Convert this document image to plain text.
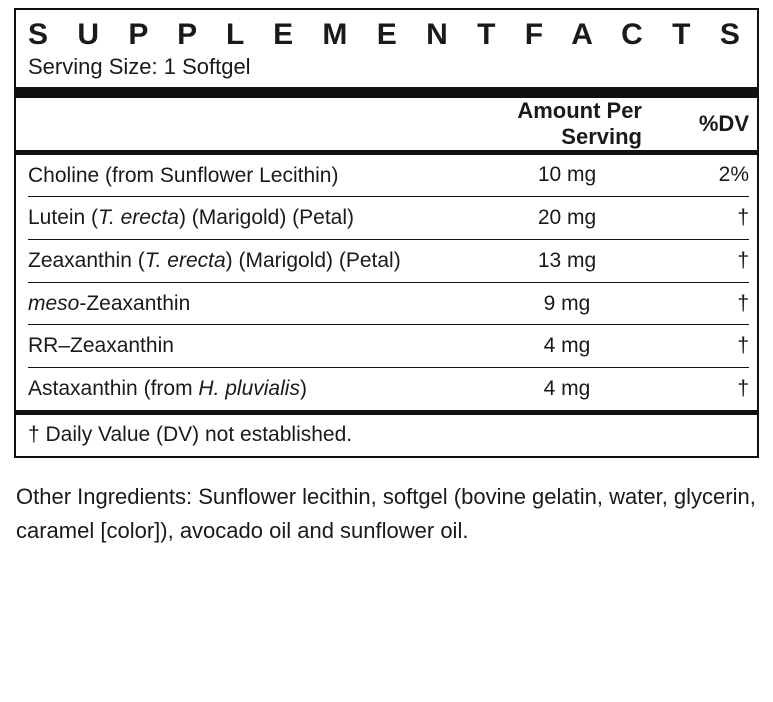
S U P P L E M E N T F A C T S
Serving Size: 1 Softgel
	Amount Per Serving	%DV
Choline (from Sunflower Lecithin)	10 mg	2%
Lutein (T. erecta) (Marigold) (Petal)	20 mg	†
Zeaxanthin (T. erecta) (Marigold) (Petal)	13 mg	†
meso-Zeaxanthin	9 mg	†
RR–Zeaxanthin	4 mg	†
Astaxanthin (from H. pluvialis)	4 mg	†
† Daily Value (DV) not established.
Other Ingredients: Sunflower lecithin, softgel (bovine gelatin, water, glycerin, caramel [color]), avocado oil and sunflower oil.
